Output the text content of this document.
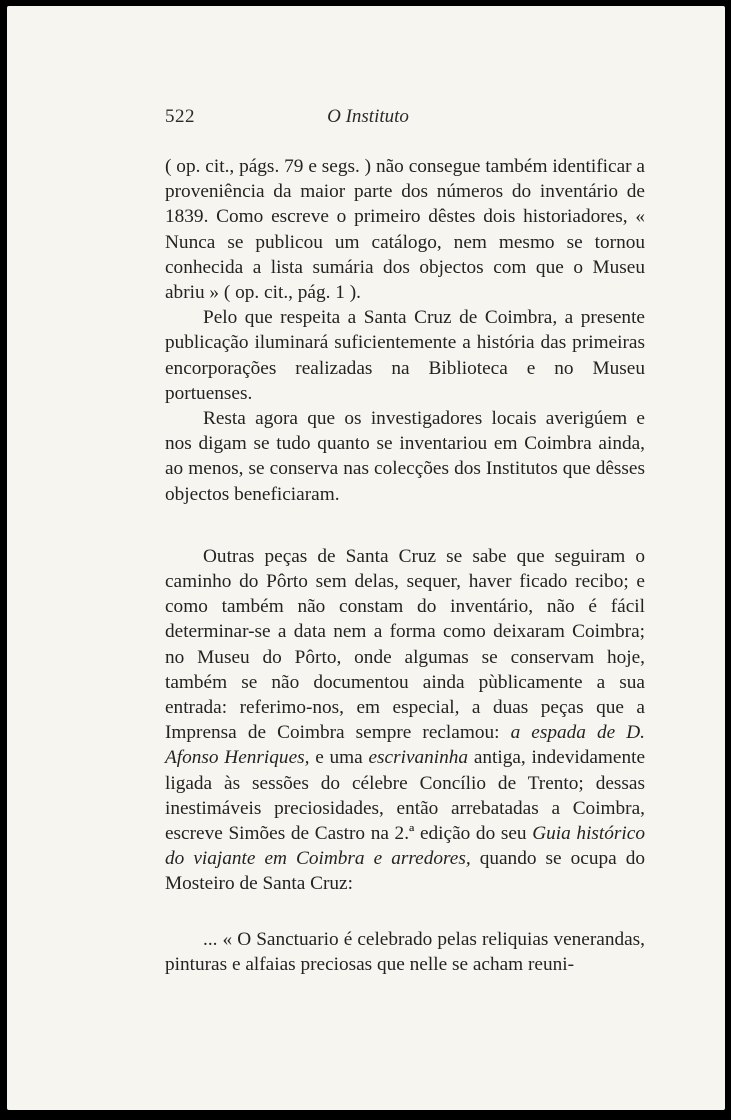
522	O Instituto

( op. cit., págs. 79 e segs. ) não consegue também identificar a proveniência da maior parte dos números do inventário de 1839. Como escreve o primeiro dêstes dois historiadores, « Nunca se publicou um catálogo, nem mesmo se tornou conhecida a lista sumária dos objectos com que o Museu abriu » ( op. cit., pág. 1 ).

Pelo que respeita a Santa Cruz de Coimbra, a presente publicação iluminará suficientemente a história das primeiras encorporações realizadas na Biblioteca e no Museu portuenses.

Resta agora que os investigadores locais averigúem e nos digam se tudo quanto se inventariou em Coimbra ainda, ao menos, se conserva nas colecções dos Institutos que dêsses objectos beneficiaram.

Outras peças de Santa Cruz se sabe que seguiram o caminho do Pôrto sem delas, sequer, haver ficado recibo; e como também não constam do inventário, não é fácil determinar-se a data nem a forma como deixaram Coimbra; no Museu do Pôrto, onde algumas se conservam hoje, também se não documentou ainda pùblicamente a sua entrada: referimo-nos, em especial, a duas peças que a Imprensa de Coimbra sempre reclamou: a espada de D. Afonso Henriques, e uma escrivaninha antiga, indevidamente ligada às sessões do célebre Concílio de Trento; dessas inestimáveis preciosidades, então arrebatadas a Coimbra, escreve Simões de Castro na 2.ª edição do seu Guia histórico do viajante em Coimbra e arredores, quando se ocupa do Mosteiro de Santa Cruz:

... « O Sanctuario é celebrado pelas reliquias venerandas, pinturas e alfaias preciosas que nelle se acham reuni-
